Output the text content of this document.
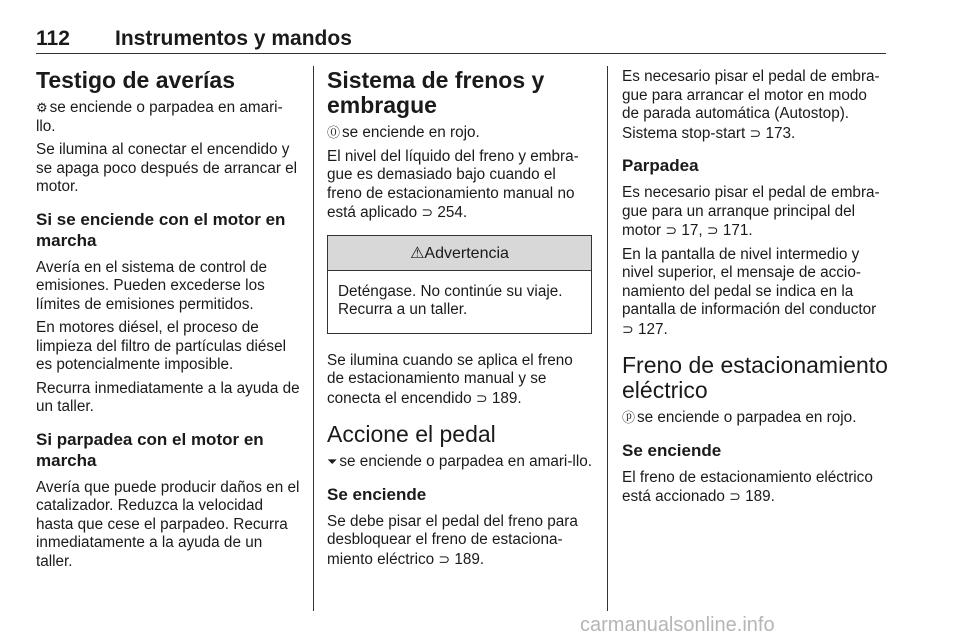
112 Instrumentos y mandos
Testigo de averías

⚙ se enciende o parpadea en amari-llo.

Se ilumina al conectar el encendido y se apaga poco después de arrancar el motor.

Si se enciende con el motor en marcha

Avería en el sistema de control de emisiones. Pueden excederse los límites de emisiones permitidos.

En motores diésel, el proceso de limpieza del filtro de partículas diésel es potencialmente imposible.

Recurra inmediatamente a la ayuda de un taller.

Si parpadea con el motor en marcha

Avería que puede producir daños en el catalizador. Reduzca la velocidad hasta que cese el parpadeo. Recurra inmediatamente a la ayuda de un taller.

Sistema de frenos y embrague

⓪ se enciende en rojo.

El nivel del líquido del freno y embra-gue es demasiado bajo cuando el freno de estacionamiento manual no está aplicado ⊃ 254.

⚠Advertencia

Deténgase. No continúe su viaje. Recurra a un taller.

Se ilumina cuando se aplica el freno de estacionamiento manual y se conecta el encendido ⊃ 189.

Accione el pedal

⏷ se enciende o parpadea en amari-llo.

Se enciende

Se debe pisar el pedal del freno para desbloquear el freno de estaciona-miento eléctrico ⊃ 189.

Es necesario pisar el pedal de embra-gue para arrancar el motor en modo de parada automática (Autostop). Sistema stop-start ⊃ 173.

Parpadea

Es necesario pisar el pedal de embra-gue para un arranque principal del motor ⊃ 17, ⊃ 171.

En la pantalla de nivel intermedio y nivel superior, el mensaje de accio-namiento del pedal se indica en la pantalla de información del conductor ⊃ 127.

Freno de estacionamiento eléctrico

ⓟ se enciende o parpadea en rojo.

Se enciende

El freno de estacionamiento eléctrico está accionado ⊃ 189.

carmanualsonline.info
